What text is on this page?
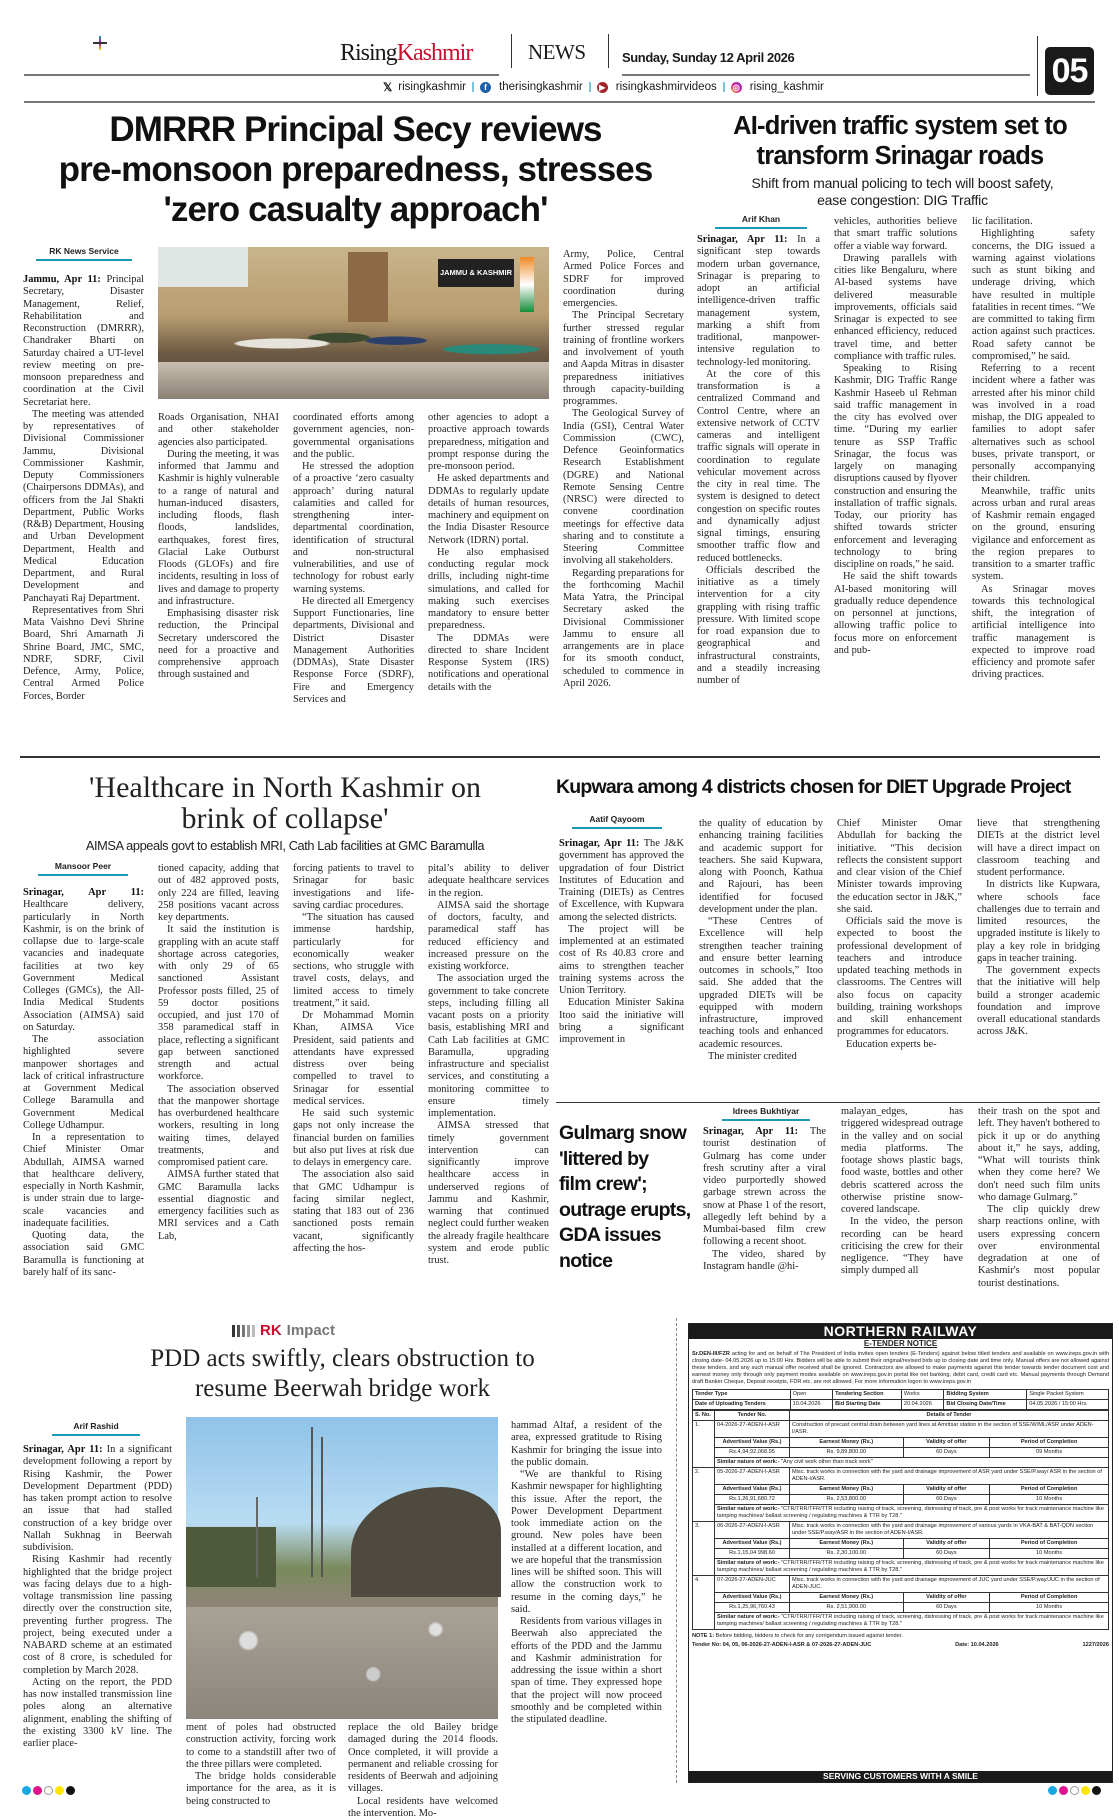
RisingKashmir	NEWS	Sunday, Sunday 12 April 2026
𝕏 risingkashmir	f	therisingkashmir	▶ risingkashmirvideos ◎ rising_kashmir	05
DMRRR Principal Secy reviews
pre-monsoon preparedness, stresses
'zero casualty approach'
RK News Service
JAMMU & KASHMIR

Jammu, Apr 11: Principal Secretary, Disaster Management, Relief, Rehabilitation and Reconstruction (DMRRR), Chandraker Bharti on Saturday chaired a UT-level review meeting on pre-monsoon preparedness and coordination at the Civil Secretariat here.

The meeting was attended by representatives of Divisional Commissioner Jammu, Divisional Commissioner Kashmir, Deputy Commissioners (Chairpersons DDMAs), and officers from the Jal Shakti Department, Public Works (R&B) Department, Housing and Urban Development Department, Health and Medical Education Department, and Rural Development and Panchayati Raj Department.

Representatives from Shri Mata Vaishno Devi Shrine Board, Shri Amarnath Ji Shrine Board, JMC, SMC, NDRF, SDRF, Civil Defence, Army, Police, Central Armed Police Forces, Border

Roads Organisation, NHAI and other stakeholder agencies also participated.

During the meeting, it was informed that Jammu and Kashmir is highly vulnerable to a range of natural and human-induced disasters, including floods, flash floods, landslides, earthquakes, forest fires, Glacial Lake Outburst Floods (GLOFs) and fire incidents, resulting in loss of lives and damage to property and infrastructure.

Emphasising disaster risk reduction, the Principal Secretary underscored the need for a proactive and comprehensive approach through sustained and

coordinated efforts among government agencies, non-governmental organisations and the public.

He stressed the adoption of a proactive ‘zero casualty approach’ during natural calamities and called for strengthening inter-departmental coordination, identification of structural and non-structural vulnerabilities, and use of technology for robust early warning systems.

He directed all Emergency Support Functionaries, line departments, Divisional and District Disaster Management Authorities (DDMAs), State Disaster Response Force (SDRF), Fire and Emergency Services and

other agencies to adopt a proactive approach towards preparedness, mitigation and prompt response during the pre-monsoon period.

He asked departments and DDMAs to regularly update details of human resources, machinery and equipment on the India Disaster Resource Network (IDRN) portal.

He also emphasised conducting regular mock drills, including night-time simulations, and called for making such exercises mandatory to ensure better preparedness.

The DDMAs were directed to share Incident Response System (IRS) notifications and operational details with the

Army, Police, Central Armed Police Forces and SDRF for improved coordination during emergencies.

The Principal Secretary further stressed regular training of frontline workers and involvement of youth and Aapda Mitras in disaster preparedness initiatives through capacity-building programmes.

The Geological Survey of India (GSI), Central Water Commission (CWC), Defence Geoinformatics Research Establishment (DGRE) and National Remote Sensing Centre (NRSC) were directed to convene coordination meetings for effective data sharing and to constitute a Steering Committee involving all stakeholders.

Regarding preparations for the forthcoming Machil Mata Yatra, the Principal Secretary asked the Divisional Commissioner Jammu to ensure all arrangements are in place for its smooth conduct, scheduled to commence in April 2026.

AI-driven traffic system set to
transform Srinagar roads
Shift from manual policing to tech will boost safety, ease congestion: DIG Traffic
Arif Khan

Srinagar, Apr 11: In a significant step towards modern urban governance, Srinagar is preparing to adopt an artificial intelligence-driven traffic management system, marking a shift from traditional, manpower-intensive regulation to technology-led monitoring.

At the core of this transformation is a centralized Command and Control Centre, where an extensive network of CCTV cameras and intelligent traffic signals will operate in coordination to regulate vehicular movement across the city in real time. The system is designed to detect congestion on specific routes and dynamically adjust signal timings, ensuring smoother traffic flow and reduced bottlenecks.

Officials described the initiative as a timely intervention for a city grappling with rising traffic pressure. With limited scope for road expansion due to geographical and infrastructural constraints, and a steadily increasing number of

vehicles, authorities believe that smart traffic solutions offer a viable way forward.

Drawing parallels with cities like Bengaluru, where AI-based systems have delivered measurable improvements, officials said Srinagar is expected to see enhanced efficiency, reduced travel time, and better compliance with traffic rules.

Speaking to Rising Kashmir, DIG Traffic Range Kashmir Haseeb ul Rehman said traffic management in the city has evolved over time. “During my earlier tenure as SSP Traffic Srinagar, the focus was largely on managing disruptions caused by flyover construction and ensuring the installation of traffic signals. Today, our priority has shifted towards stricter enforcement and leveraging technology to bring discipline on roads,” he said.

He said the shift towards AI-based monitoring will gradually reduce dependence on personnel at junctions, allowing traffic police to focus more on enforcement and pub-

lic facilitation.

Highlighting safety concerns, the DIG issued a warning against violations such as stunt biking and underage driving, which have resulted in multiple fatalities in recent times. “We are committed to taking firm action against such practices. Road safety cannot be compromised,” he said.

Referring to a recent incident where a father was arrested after his minor child was involved in a road mishap, the DIG appealed to families to adopt safer alternatives such as school buses, private transport, or personally accompanying their children.

Meanwhile, traffic units across urban and rural areas of Kashmir remain engaged on the ground, ensuring vigilance and enforcement as the region prepares to transition to a smarter traffic system.

As Srinagar moves towards this technological shift, the integration of artificial intelligence into traffic management is expected to improve road efficiency and promote safer driving practices.

'Healthcare in North Kashmir on
brink of collapse'
AIMSA appeals govt to establish MRI, Cath Lab facilities at GMC Baramulla
Mansoor Peer

Srinagar, Apr 11: Healthcare delivery, particularly in North Kashmir, is on the brink of collapse due to large-scale vacancies and inadequate facilities at two key Government Medical Colleges (GMCs), the All-India Medical Students Association (AIMSA) said on Saturday.

The association highlighted severe manpower shortages and lack of critical infrastructure at Government Medical College Baramulla and Government Medical College Udhampur.

In a representation to Chief Minister Omar Abdullah, AIMSA warned that healthcare delivery, especially in North Kashmir, is under strain due to large-scale vacancies and inadequate facilities.

Quoting data, the association said GMC Baramulla is functioning at barely half of its sanc-

tioned capacity, adding that out of 482 approved posts, only 224 are filled, leaving 258 positions vacant across key departments.

It said the institution is grappling with an acute staff shortage across categories, with only 29 of 65 sanctioned Assistant Professor posts filled, 25 of 59 doctor positions occupied, and just 170 of 358 paramedical staff in place, reflecting a significant gap between sanctioned strength and actual workforce.

The association observed that the manpower shortage has overburdened healthcare workers, resulting in long waiting times, delayed treatments, and compromised patient care.

AIMSA further stated that GMC Baramulla lacks essential diagnostic and emergency facilities such as MRI services and a Cath Lab,

forcing patients to travel to Srinagar for basic investigations and life-saving cardiac procedures.

“The situation has caused immense hardship, particularly for economically weaker sections, who struggle with travel costs, delays, and limited access to timely treatment,” it said.

Dr Mohammad Momin Khan, AIMSA Vice President, said patients and attendants have expressed distress over being compelled to travel to Srinagar for essential medical services.

He said such systemic gaps not only increase the financial burden on families but also put lives at risk due to delays in emergency care.

The association also said that GMC Udhampur is facing similar neglect, stating that 183 out of 236 sanctioned posts remain vacant, significantly affecting the hos-

pital’s ability to deliver adequate healthcare services in the region.

AIMSA said the shortage of doctors, faculty, and paramedical staff has reduced efficiency and increased pressure on the existing workforce.

The association urged the government to take concrete steps, including filling all vacant posts on a priority basis, establishing MRI and Cath Lab facilities at GMC Baramulla, upgrading infrastructure and specialist services, and constituting a monitoring committee to ensure timely implementation.

AIMSA stressed that timely government intervention can significantly improve healthcare access in underserved regions of Jammu and Kashmir, warning that continued neglect could further weaken the already fragile healthcare system and erode public trust.

Kupwara among 4 districts chosen for DIET Upgrade Project
Aatif Qayoom

Srinagar, Apr 11: The J&K government has approved the upgradation of four District Institutes of Education and Training (DIETs) as Centres of Excellence, with Kupwara among the selected districts.

The project will be implemented at an estimated cost of Rs 40.83 crore and aims to strengthen teacher training systems across the Union Territory.

Education Minister Sakina Itoo said the initiative will bring a significant improvement in

the quality of education by enhancing training facilities and academic support for teachers. She said Kupwara, along with Poonch, Kathua and Rajouri, has been identified for focused development under the plan.

“These Centres of Excellence will help strengthen teacher training and ensure better learning outcomes in schools,” Itoo said. She added that the upgraded DIETs will be equipped with modern infrastructure, improved teaching tools and enhanced academic resources.

The minister credited

Chief Minister Omar Abdullah for backing the initiative. “This decision reflects the consistent support and clear vision of the Chief Minister towards improving the education sector in J&K,” she said.

Officials said the move is expected to boost the professional development of teachers and introduce updated teaching methods in classrooms. The Centres will also focus on capacity building, training workshops and skill enhancement programmes for educators.

Education experts be-

lieve that strengthening DIETs at the district level will have a direct impact on classroom teaching and student performance.

In districts like Kupwara, where schools face challenges due to terrain and limited resources, the upgraded institute is likely to play a key role in bridging gaps in teacher training.

The government expects that the initiative will help build a stronger academic foundation and improve overall educational standards across J&K.

Gulmarg snow
'littered by
film crew';
outrage erupts,
GDA issues
notice
Idrees Bukhtiyar

Srinagar, Apr 11: The tourist destination of Gulmarg has come under fresh scrutiny after a viral video purportedly showed garbage strewn across the snow at Phase 1 of the resort, allegedly left behind by a Mumbai-based film crew following a recent shoot.

The video, shared by Instagram handle @hi-

malayan_edges, has triggered widespread outrage in the valley and on social media platforms. The footage shows plastic bags, food waste, bottles and other debris scattered across the otherwise pristine snow-covered landscape.

In the video, the person recording can be heard criticising the crew for their negligence. “They have simply dumped all

their trash on the spot and left. They haven't bothered to pick it up or do anything about it,” he says, adding, “What will tourists think when they come here? We don't need such film units who damage Gulmarg.”

The clip quickly drew sharp reactions online, with users expressing concern over environmental degradation at one of Kashmir's most popular tourist destinations.

RK Impact
PDD acts swiftly, clears obstruction to
resume Beerwah bridge work
Arif Rashid

Srinagar, Apr 11: In a significant development following a report by Rising Kashmir, the Power Development Department (PDD) has taken prompt action to resolve an issue that had stalled construction of a key bridge over Nallah Sukhnag in Beerwah subdivision.

Rising Kashmir had recently highlighted that the bridge project was facing delays due to a high-voltage transmission line passing directly over the construction site, preventing further progress. The project, being executed under a NABARD scheme at an estimated cost of 8 crore, is scheduled for completion by March 2028.

Acting on the report, the PDD has now installed transmission line poles along an alternative alignment, enabling the shifting of the existing 3300 kV line. The earlier place-

ment of poles had obstructed construction activity, forcing work to come to a standstill after two of the three pillars were completed.

The bridge holds considerable importance for the area, as it is being constructed to

replace the old Bailey bridge damaged during the 2014 floods. Once completed, it will provide a permanent and reliable crossing for residents of Beerwah and adjoining villages.

Local residents have welcomed the intervention. Mo-

hammad Altaf, a resident of the area, expressed gratitude to Rising Kashmir for bringing the issue into the public domain.

“We are thankful to Rising Kashmir newspaper for highlighting this issue. After the report, the Power Development Department took immediate action on the ground. New poles have been installed at a different location, and we are hopeful that the transmission lines will be shifted soon. This will allow the construction work to resume in the coming days,” he said.

Residents from various villages in Beerwah also appreciated the efforts of the PDD and the Jammu and Kashmir administration for addressing the issue within a short span of time. They expressed hope that the project will now proceed smoothly and be completed within the stipulated deadline.

NORTHERN RAILWAY
E-TENDER NOTICE
Sr.DEN-III/FZR acting for and on behalf of The President of India invites open tenders (E-Tenders) against below titled tenders and available on www.ireps.gov.in with closing date- 04.05.2026 up to 15:00 Hrs. Bidders will be able to submit their original/revised bids up to closing date and time only. Manual offers are not allowed against these tenders, and any such manual offer received shall be ignored. Contractors are allowed to make payments against this tender towards tender document cost and earnest money only through only payment modes available on www.ireps.gov.in portal like net banking, debit card, credit card etc. Manual payments through Demand draft Banker Cheque, Deposit receipts, FDR etc. are not allowed. For more information logon to www.ireps.gov.in
Tender Type	Open	Tendering Section	Works	Bidding System	Single Packet System
Date of Uploading Tenders	10.04.2026	Bid Starting Date	20.04.2026	Bid Closing Date/Time	04.05.2026 / 15:00 Hrs.
S. No.	Tender No.	Details of Tender		
1.	04-2026-27-ADEN-I-ASR	Construction of precast central drain between yard lines at Amritsar station in the section of SSE/W/ML/ASR under ADEN-I/ASR.		
	Advertised Value (Rs.)	Earnest Money (Rs.)	Validity of offer	Period of Completion
	Rs.4,94,92,068.95	Rs. 9,89,800.00	60 Days	09 Months
	Similar nature of work:- "Any civil work other than track work"			
2.	05-2026-27-ADEN-I-ASR	Misc. track works in connection with the yard and drainage improvement of ASR yard under SSE/P.way/ ASR in the section of ADEN-I/ASR.		
	Advertised Value (Rs.)	Earnest Money (Rs.)	Validity of offer	Period of Completion
	Rs.1,26,91,680.72	Rs. 2,53,800.00	60 Days	10 Months
	Similar nature of work:- "CTR/TRR/TFR/TTR including raising of track, screening, distressing of track, pre & post works for track maintenance machine like tamping machines/ ballast screening / regulating machines & TTR by T28."			
3.	06-2026-27-ADEN-I-ASR	Misc. track works in connection with the yard and drainage improvement of various yards in VKA-BAT & BAT-QDN section under SSE/P.way/ASR in the section of ADEN-I/ASR.		
	Advertised Value (Rs.)	Earnest Money (Rs.)	Validity of offer	Period of Completion
	Rs.1,15,04 998.60	Rs. 2,30,100.00	60 Days	10 Months
	Similar nature of work:- "CTR/TRR/TFR/TTR including raising of track, screening, distressing of track, pre & post works for track maintenance machine like tamping machines/ ballast screening / regulating machines & TTR by T28."			
4.	07-2026-27-ADEN-JUC	Misc. track works in connection with the yard and drainage improvement of JUC yard under SSE/P.way/JUC in the section of ADEN-JUC.		
	Advertised Value (Rs.)	Earnest Money (Rs.)	Validity of offer	Period of Completion
	Rs.1,25,96,760.43	Rs. 2,51,900.00	60 Days	10 Months
	Similar nature of work:- "CTR/TRR/TFR/TTR including raising of track, screening, distressing of track, pre & post works for track maintenance machine like tamping machines/ ballast screening / regulating machines & TTR by T28."			
NOTE 1: Before bidding, bidders to check for any corrigendum issued against tender.
Tender No: 04, 05, 06-2026-27-ADEN-I-ASR & 07-2026-27-ADEN-JUC	Date: 10.04.2026	1227/2026
SERVING CUSTOMERS WITH A SMILE
